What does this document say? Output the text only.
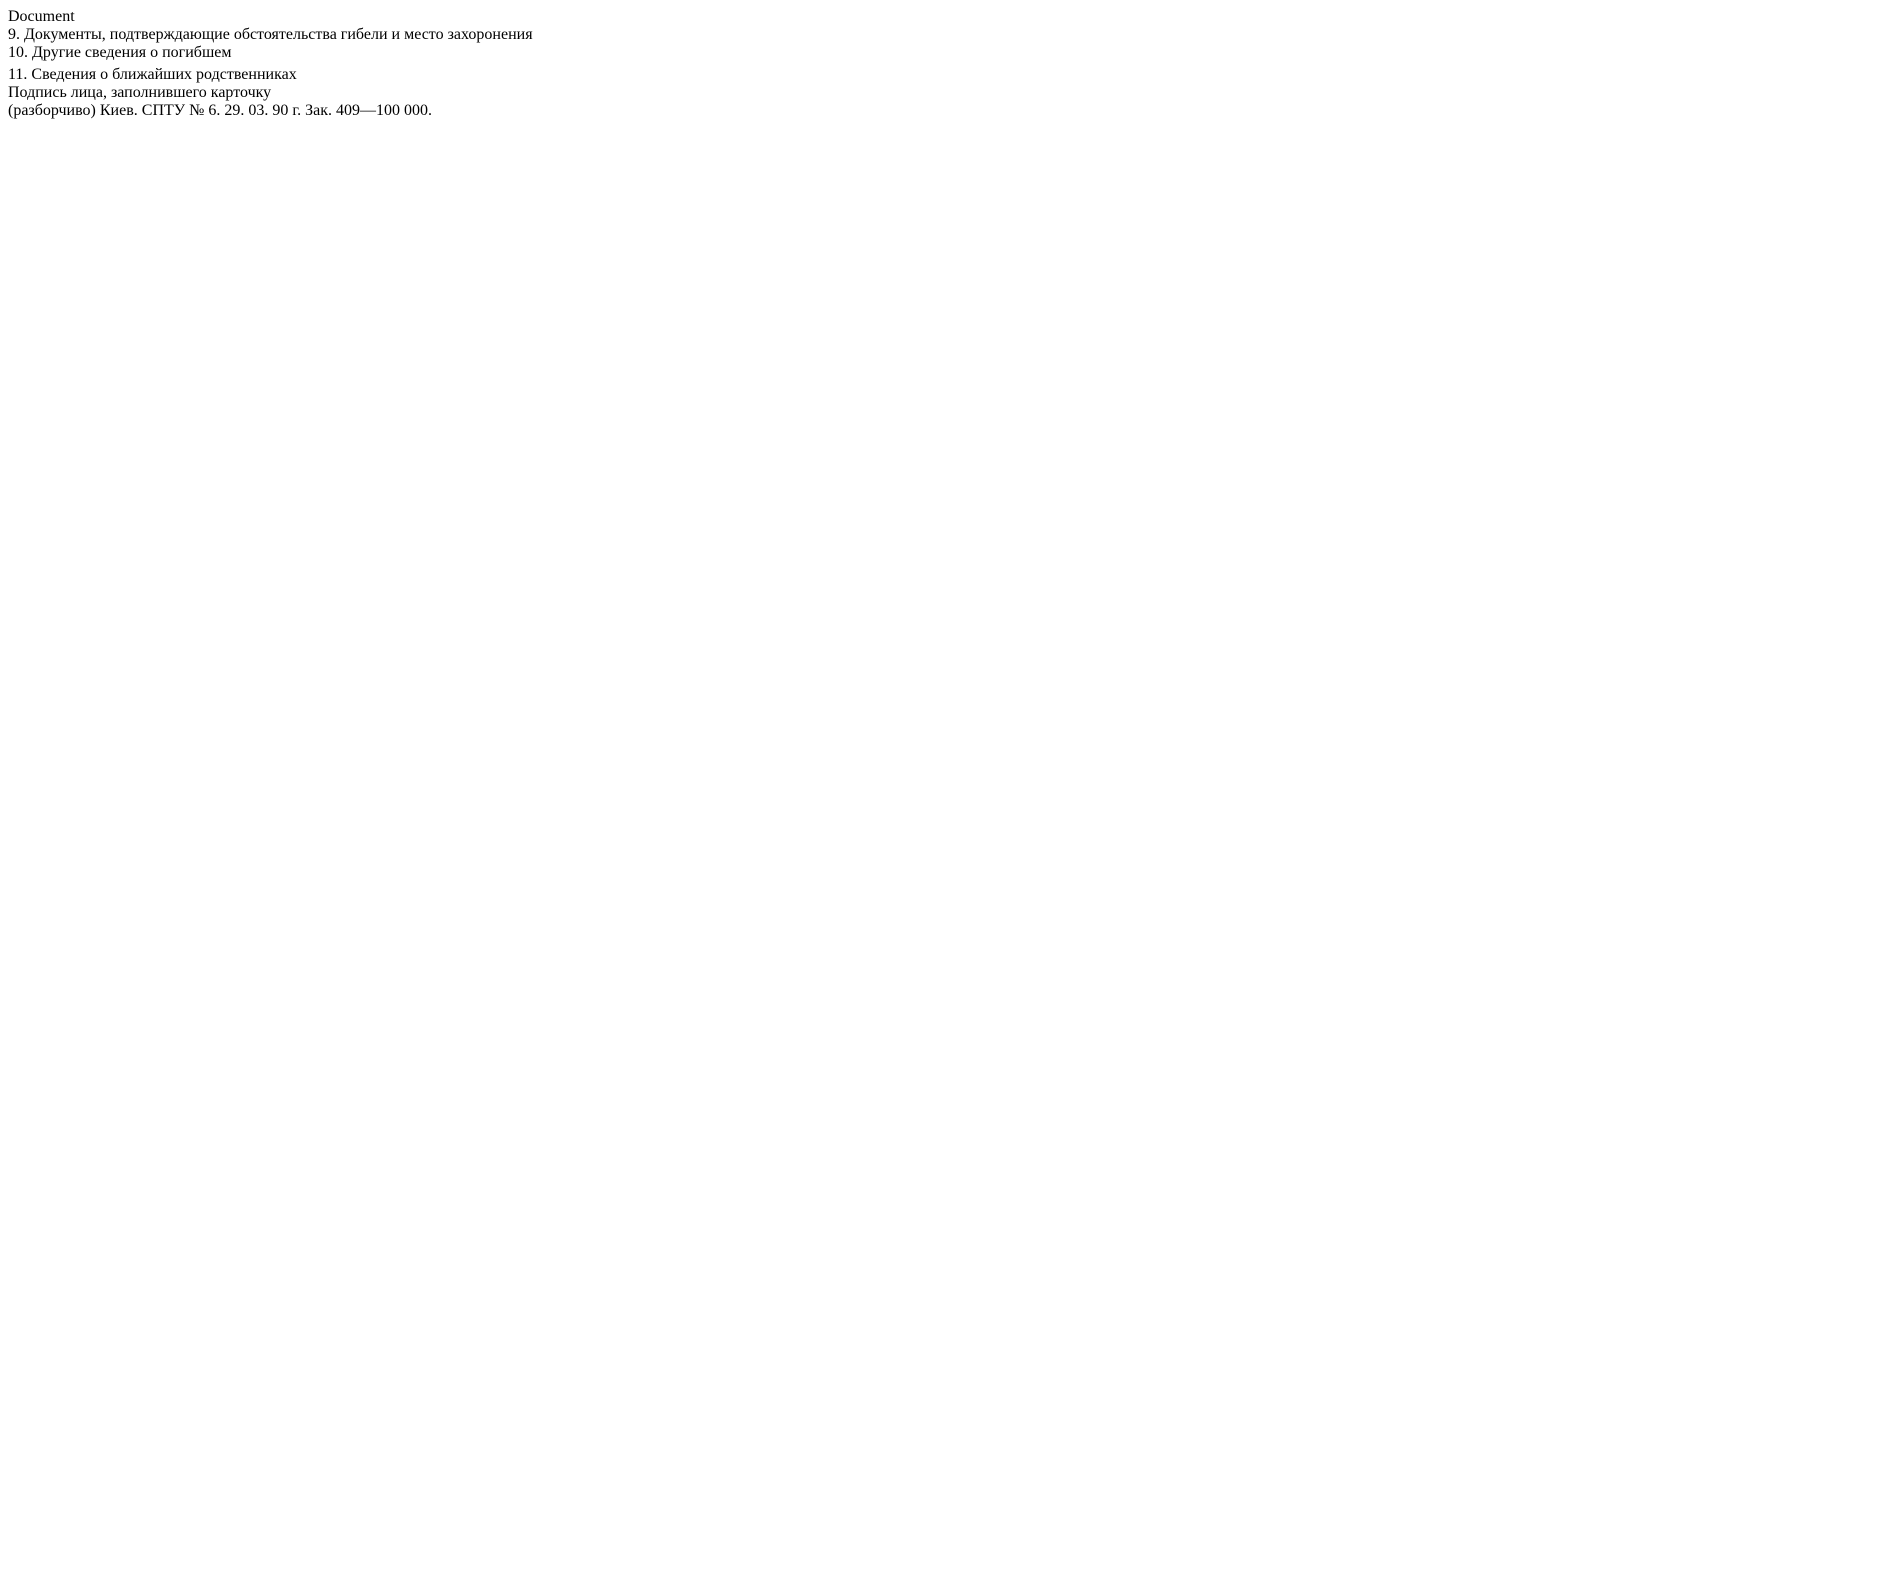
Document
9. Документы, подтверждающие обстоятельства гибели и место захоронения
10. Другие сведения о погибшем
11. Сведения о ближайших родственниках
Подпись лица, заполнившего карточку
(разборчиво) Киев. СПТУ № 6. 29. 03. 90 г. Зак. 409—100 000.
